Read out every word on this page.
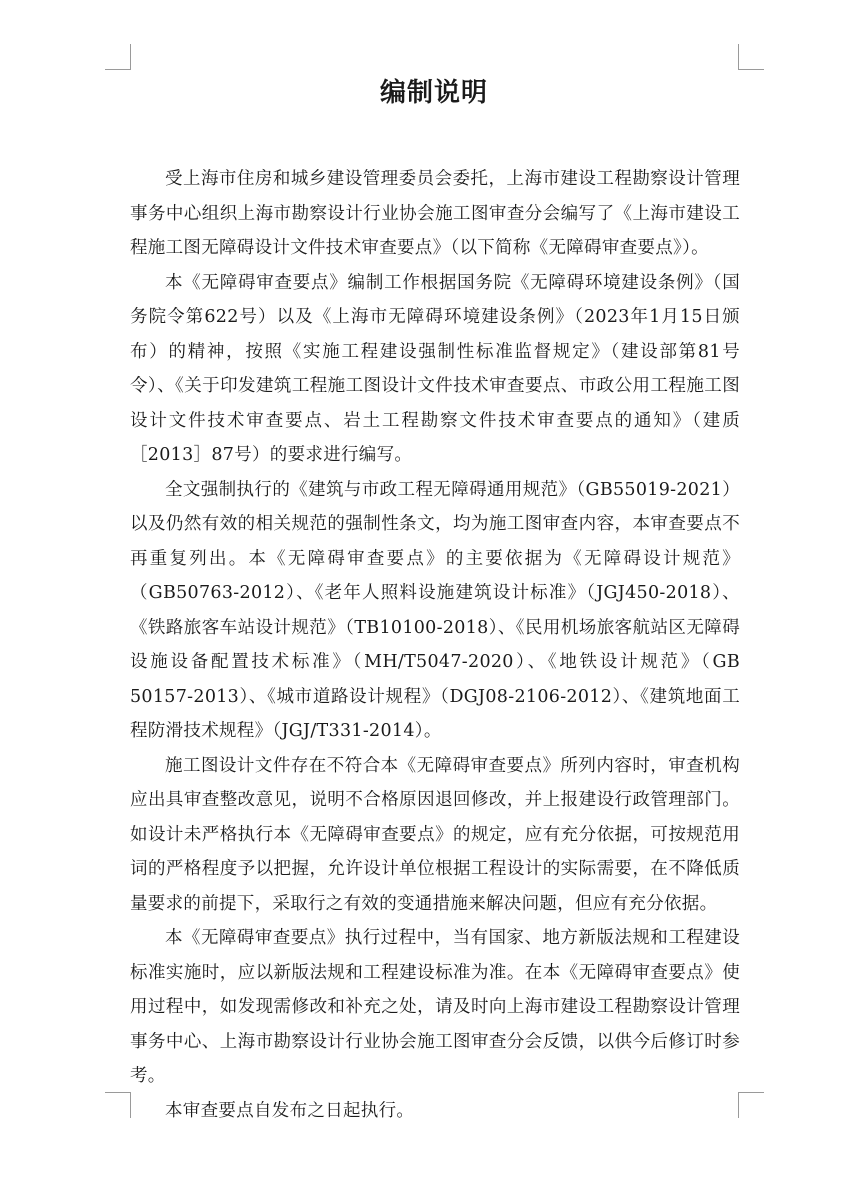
编制说明

受上海市住房和城乡建设管理委员会委托，上海市建设工程勘察设计管理事务中心组织上海市勘察设计行业协会施工图审查分会编写了《上海市建设工程施工图无障碍设计文件技术审查要点》（以下简称《无障碍审查要点》）。

本《无障碍审查要点》编制工作根据国务院《无障碍环境建设条例》（国务院令第622号）以及《上海市无障碍环境建设条例》（2023年1月15日颁布）的精神，按照《实施工程建设强制性标准监督规定》（建设部第81号令）、《关于印发建筑工程施工图设计文件技术审查要点、市政公用工程施工图设计文件技术审查要点、岩土工程勘察文件技术审查要点的通知》（建质［2013］87号）的要求进行编写。

全文强制执行的《建筑与市政工程无障碍通用规范》（GB55019-2021）以及仍然有效的相关规范的强制性条文，均为施工图审查内容，本审查要点不再重复列出。本《无障碍审查要点》的主要依据为《无障碍设计规范》（GB50763-2012）、《老年人照料设施建筑设计标准》（JGJ450-2018）、《铁路旅客车站设计规范》（TB10100-2018）、《民用机场旅客航站区无障碍设施设备配置技术标准》（MH/T5047-2020）、《地铁设计规范》（GB 50157-2013）、《城市道路设计规程》（DGJ08-2106-2012）、《建筑地面工程防滑技术规程》（JGJ/T331-2014）。

施工图设计文件存在不符合本《无障碍审查要点》所列内容时，审查机构应出具审查整改意见，说明不合格原因退回修改，并上报建设行政管理部门。如设计未严格执行本《无障碍审查要点》的规定，应有充分依据，可按规范用词的严格程度予以把握，允许设计单位根据工程设计的实际需要，在不降低质量要求的前提下，采取行之有效的变通措施来解决问题，但应有充分依据。

本《无障碍审查要点》执行过程中，当有国家、地方新版法规和工程建设标准实施时，应以新版法规和工程建设标准为准。在本《无障碍审查要点》使用过程中，如发现需修改和补充之处，请及时向上海市建设工程勘察设计管理事务中心、上海市勘察设计行业协会施工图审查分会反馈，以供今后修订时参考。

本审查要点自发布之日起执行。
